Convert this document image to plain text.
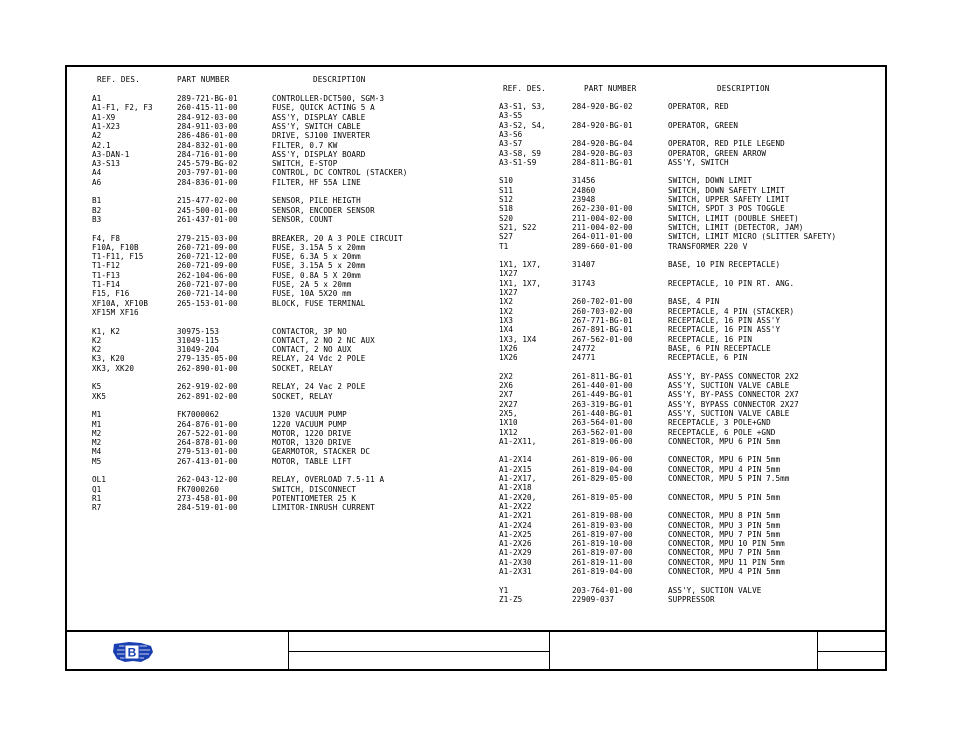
REF. DES.	PART NUMBER	DESCRIPTION
REF. DES.	PART NUMBER	DESCRIPTION
A1	289-721-BG-01	CONTROLLER-DCT500, SGM-3
A1-F1, F2, F3	260-415-11-00	FUSE, QUICK ACTING 5 A
A1-X9	284-912-03-00	ASS'Y, DISPLAY CABLE
A1-X23	284-911-03-00	ASS'Y, SWITCH CABLE
A2	286-486-01-00	DRIVE, SJ100 INVERTER
A2.1	284-832-01-00	FILTER, 0.7 KW
A3-DAN-1	284-716-01-00	ASS'Y, DISPLAY BOARD
A3-S13	245-579-BG-02	SWITCH, E-STOP
A4	203-797-01-00	CONTROL, DC CONTROL (STACKER)
A6	284-836-01-00	FILTER, HF 55A LINE
B1	215-477-02-00	SENSOR, PILE HEIGTH
B2	245-500-01-00	SENSOR, ENCODER SENSOR
B3	261-437-01-00	SENSOR, COUNT
F4, F8	279-215-03-00	BREAKER, 20 A 3 POLE CIRCUIT
F10A, F10B	260-721-09-00	FUSE, 3.15A 5 x 20mm
T1-F11, F15	260-721-12-00	FUSE, 6.3A 5 x 20mm
T1-F12	260-721-09-00	FUSE, 3.15A 5 x 20mm
T1-F13	262-104-06-00	FUSE, 0.8A 5 X 20mm
T1-F14	260-721-07-00	FUSE, 2A 5 x 20mm
F15, F16	260-721-14-00	FUSE, 10A 5X20 mm
XF10A, XF10B	265-153-01-00	BLOCK, FUSE TERMINAL
XF15M XF16
K1, K2	30975-153	CONTACTOR, 3P NO
K2	31049-115	CONTACT, 2 NO 2 NC AUX
K2	31049-204	CONTACT, 2 NO AUX
K3, K20	279-135-05-00	RELAY, 24 Vdc 2 POLE
XK3, XK20	262-890-01-00	SOCKET, RELAY
K5	262-919-02-00	RELAY, 24 Vac 2 POLE
XK5	262-891-02-00	SOCKET, RELAY
M1	FK7000062	1320 VACUUM PUMP
M1	264-876-01-00	1220 VACUUM PUMP
M2	267-522-01-00	MOTOR, 1220 DRIVE
M2	264-878-01-00	MOTOR, 1320 DRIVE
M4	279-513-01-00	GEARMOTOR, STACKER DC
M5	267-413-01-00	MOTOR, TABLE LIFT
OL1	262-043-12-00	RELAY, OVERLOAD 7.5-11 A
Q1	FK7000260	SWITCH, DISCONNECT
R1	273-458-01-00	POTENTIOMETER 25 K
R7	284-519-01-00	LIMITOR-INRUSH CURRENT
A3-S1, S3,	284-920-BG-02	OPERATOR, RED
A3-S5
A3-S2, S4,	284-920-BG-01	OPERATOR, GREEN
A3-S6
A3-S7	284-920-BG-04	OPERATOR, RED PILE LEGEND
A3-S8, S9	284-920-BG-03	OPERATOR, GREEN ARROW
A3-S1-S9	284-811-BG-01	ASS'Y, SWITCH
S10	31456	SWITCH, DOWN LIMIT
S11	24860	SWITCH, DOWN SAFETY LIMIT
S12	23948	SWITCH, UPPER SAFETY LIMIT
S18	262-230-01-00	SWITCH, SPDT 3 POS TOGGLE
S20	211-004-02-00	SWITCH, LIMIT (DOUBLE SHEET)
S21, S22	211-004-02-00	SWITCH, LIMIT (DETECTOR, JAM)
S27	264-011-01-00	SWITCH, LIMIT MICRO (SLITTER SAFETY)
T1	289-660-01-00	TRANSFORMER 220 V
1X1, 1X7,	31407	BASE, 10 PIN RECEPTACLE)
1X27
1X1, 1X7,	31743	RECEPTACLE, 10 PIN RT. ANG.
1X27
1X2	260-702-01-00	BASE, 4 PIN
1X2	260-703-02-00	RECEPTACLE, 4 PIN (STACKER)
1X3	267-771-BG-01	RECEPTACLE, 16 PIN ASS'Y
1X4	267-891-BG-01	RECEPTACLE, 16 PIN ASS'Y
1X3, 1X4	267-562-01-00	RECEPTACLE, 16 PIN
1X26	24772	BASE, 6 PIN RECEPTACLE
1X26	24771	RECEPTACLE, 6 PIN
2X2	261-811-BG-01	ASS'Y, BY-PASS CONNECTOR 2X2
2X6	261-440-01-00	ASS'Y, SUCTION VALVE CABLE
2X7	261-449-BG-01	ASS'Y, BY-PASS CONNECTOR 2X7
2X27	263-319-BG-01	ASS'Y, BYPASS CONNECTOR 2X27
2X5,	261-440-BG-01	ASS'Y, SUCTION VALVE CABLE
1X10	263-564-01-00	RECEPTACLE, 3 POLE+GND
1X12	263-562-01-00	RECEPTACLE, 6 POLE +GND
A1-2X11,	261-819-06-00	CONNECTOR, MPU 6 PIN 5mm
A1-2X14	261-819-06-00	CONNECTOR, MPU 6 PIN 5mm
A1-2X15	261-819-04-00	CONNECTOR, MPU 4 PIN 5mm
A1-2X17,	261-829-05-00	CONNECTOR, MPU 5 PIN 7.5mm
A1-2X18
A1-2X20,	261-819-05-00	CONNECTOR, MPU 5 PIN 5mm
A1-2X22
A1-2X21	261-819-08-00	CONNECTOR, MPU 8 PIN 5mm
A1-2X24	261-819-03-00	CONNECTOR, MPU 3 PIN 5mm
A1-2X25	261-819-07-00	CONNECTOR, MPU 7 PIN 5mm
A1-2X26	261-819-10-00	CONNECTOR, MPU 10 PIN 5mm
A1-2X29	261-819-07-00	CONNECTOR, MPU 7 PIN 5mm
A1-2X30	261-819-11-00	CONNECTOR, MPU 11 PIN 5mm
A1-2X31	261-819-04-00	CONNECTOR, MPU 4 PIN 5mm
Y1	203-764-01-00	ASS'Y, SUCTION VALVE
Z1-Z5	22909-037	SUPPRESSOR
B
